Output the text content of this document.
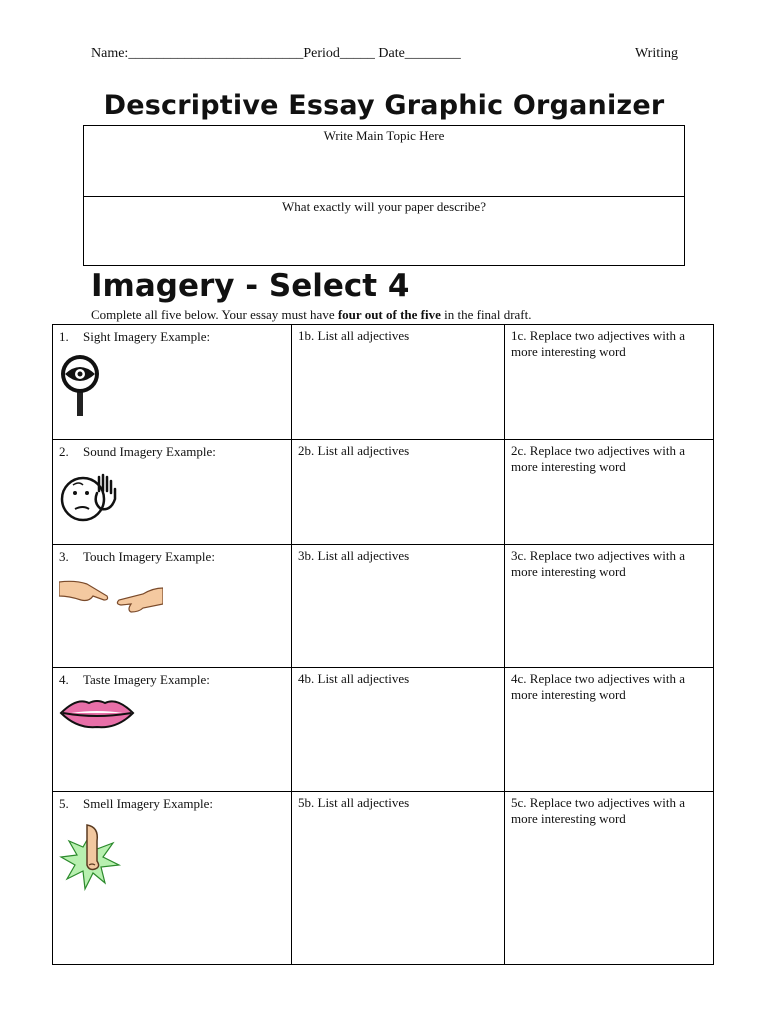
Name:_________________________Period_____ Date________	Writing
Descriptive Essay Graphic Organizer
Write Main Topic Here
What exactly will your paper describe?
Imagery - Select 4
Complete all five below. Your essay must have four out of the five in the final draft.
1. Sight Imagery Example:	1b. List all adjectives	1c. Replace two adjectives with a more interesting word

2. Sound Imagery Example:	2b. List all adjectives	2c. Replace two adjectives with a more interesting word

3. Touch Imagery Example:	3b. List all adjectives	3c. Replace two adjectives with a more interesting word

4. Taste Imagery Example:	4b. List all adjectives	4c. Replace two adjectives with a more interesting word

5. Smell Imagery Example:	5b. List all adjectives	5c. Replace two adjectives with a more interesting word
